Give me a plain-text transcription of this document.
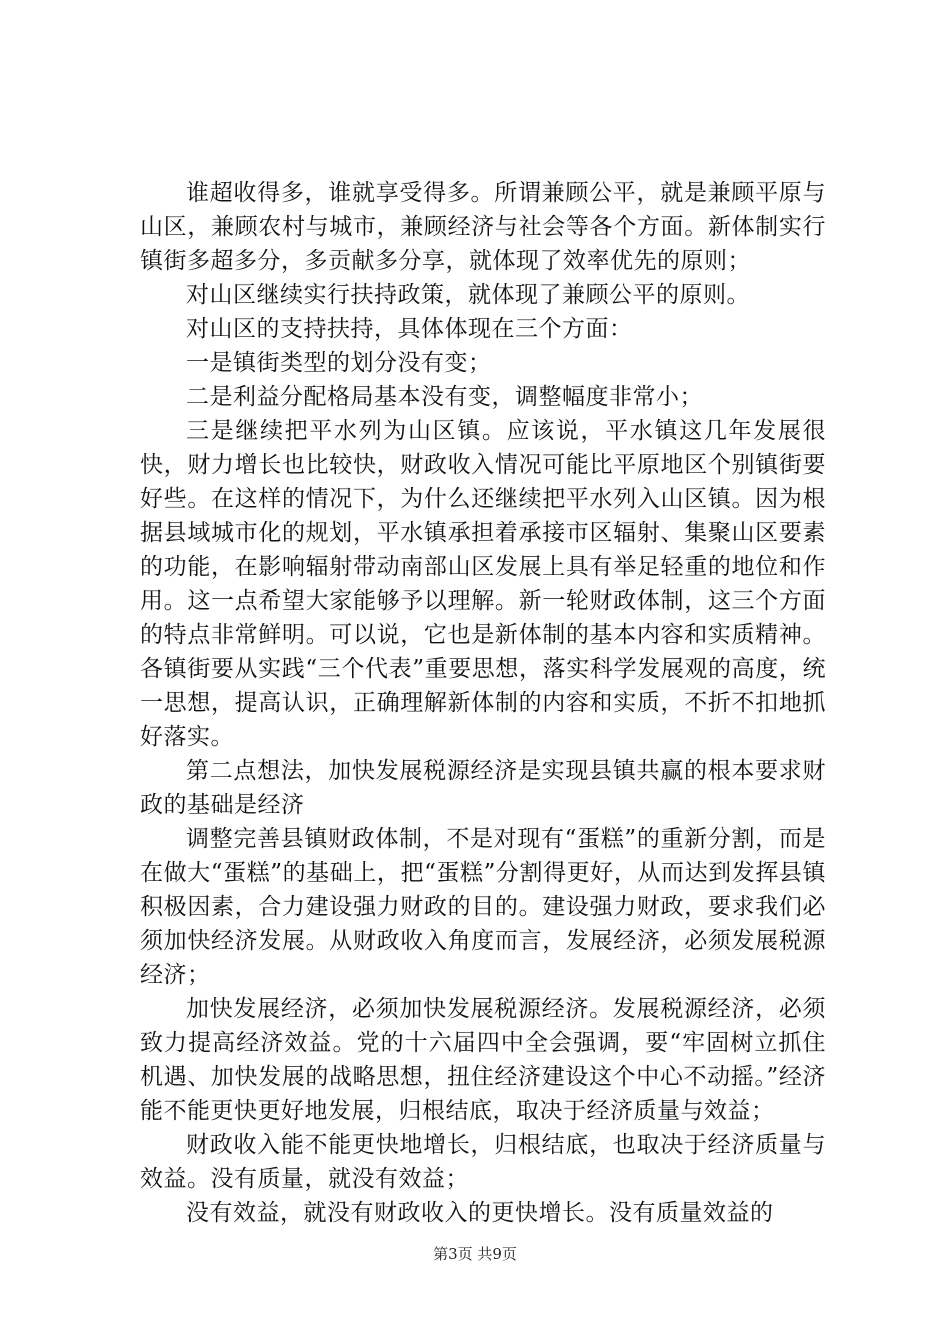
谁超收得多，谁就享受得多。所谓兼顾公平，就是兼顾平原与山区，兼顾农村与城市，兼顾经济与社会等各个方面。新体制实行镇街多超多分，多贡献多分享，就体现了效率优先的原则；

对山区继续实行扶持政策，就体现了兼顾公平的原则。

对山区的支持扶持，具体体现在三个方面：

一是镇街类型的划分没有变；

二是利益分配格局基本没有变，调整幅度非常小；

三是继续把平水列为山区镇。应该说，平水镇这几年发展很快，财力增长也比较快，财政收入情况可能比平原地区个别镇街要好些。在这样的情况下，为什么还继续把平水列入山区镇。因为根据县域城市化的规划，平水镇承担着承接市区辐射、集聚山区要素的功能，在影响辐射带动南部山区发展上具有举足轻重的地位和作用。这一点希望大家能够予以理解。新一轮财政体制，这三个方面的特点非常鲜明。可以说，它也是新体制的基本内容和实质精神。各镇街要从实践“三个代表”重要思想，落实科学发展观的高度，统一思想，提高认识，正确理解新体制的内容和实质，不折不扣地抓好落实。

第二点想法，加快发展税源经济是实现县镇共赢的根本要求财政的基础是经济

调整完善县镇财政体制，不是对现有“蛋糕”的重新分割，而是在做大“蛋糕”的基础上，把“蛋糕”分割得更好，从而达到发挥县镇积极因素，合力建设强力财政的目的。建设强力财政，要求我们必须加快经济发展。从财政收入角度而言，发展经济，必须发展税源经济；

加快发展经济，必须加快发展税源经济。发展税源经济，必须致力提高经济效益。党的十六届四中全会强调，要“牢固树立抓住机遇、加快发展的战略思想，扭住经济建设这个中心不动摇。”经济能不能更快更好地发展，归根结底，取决于经济质量与效益；

财政收入能不能更快地增长，归根结底，也取决于经济质量与效益。没有质量，就没有效益；

没有效益，就没有财政收入的更快增长。没有质量效益的

第3页 共9页
